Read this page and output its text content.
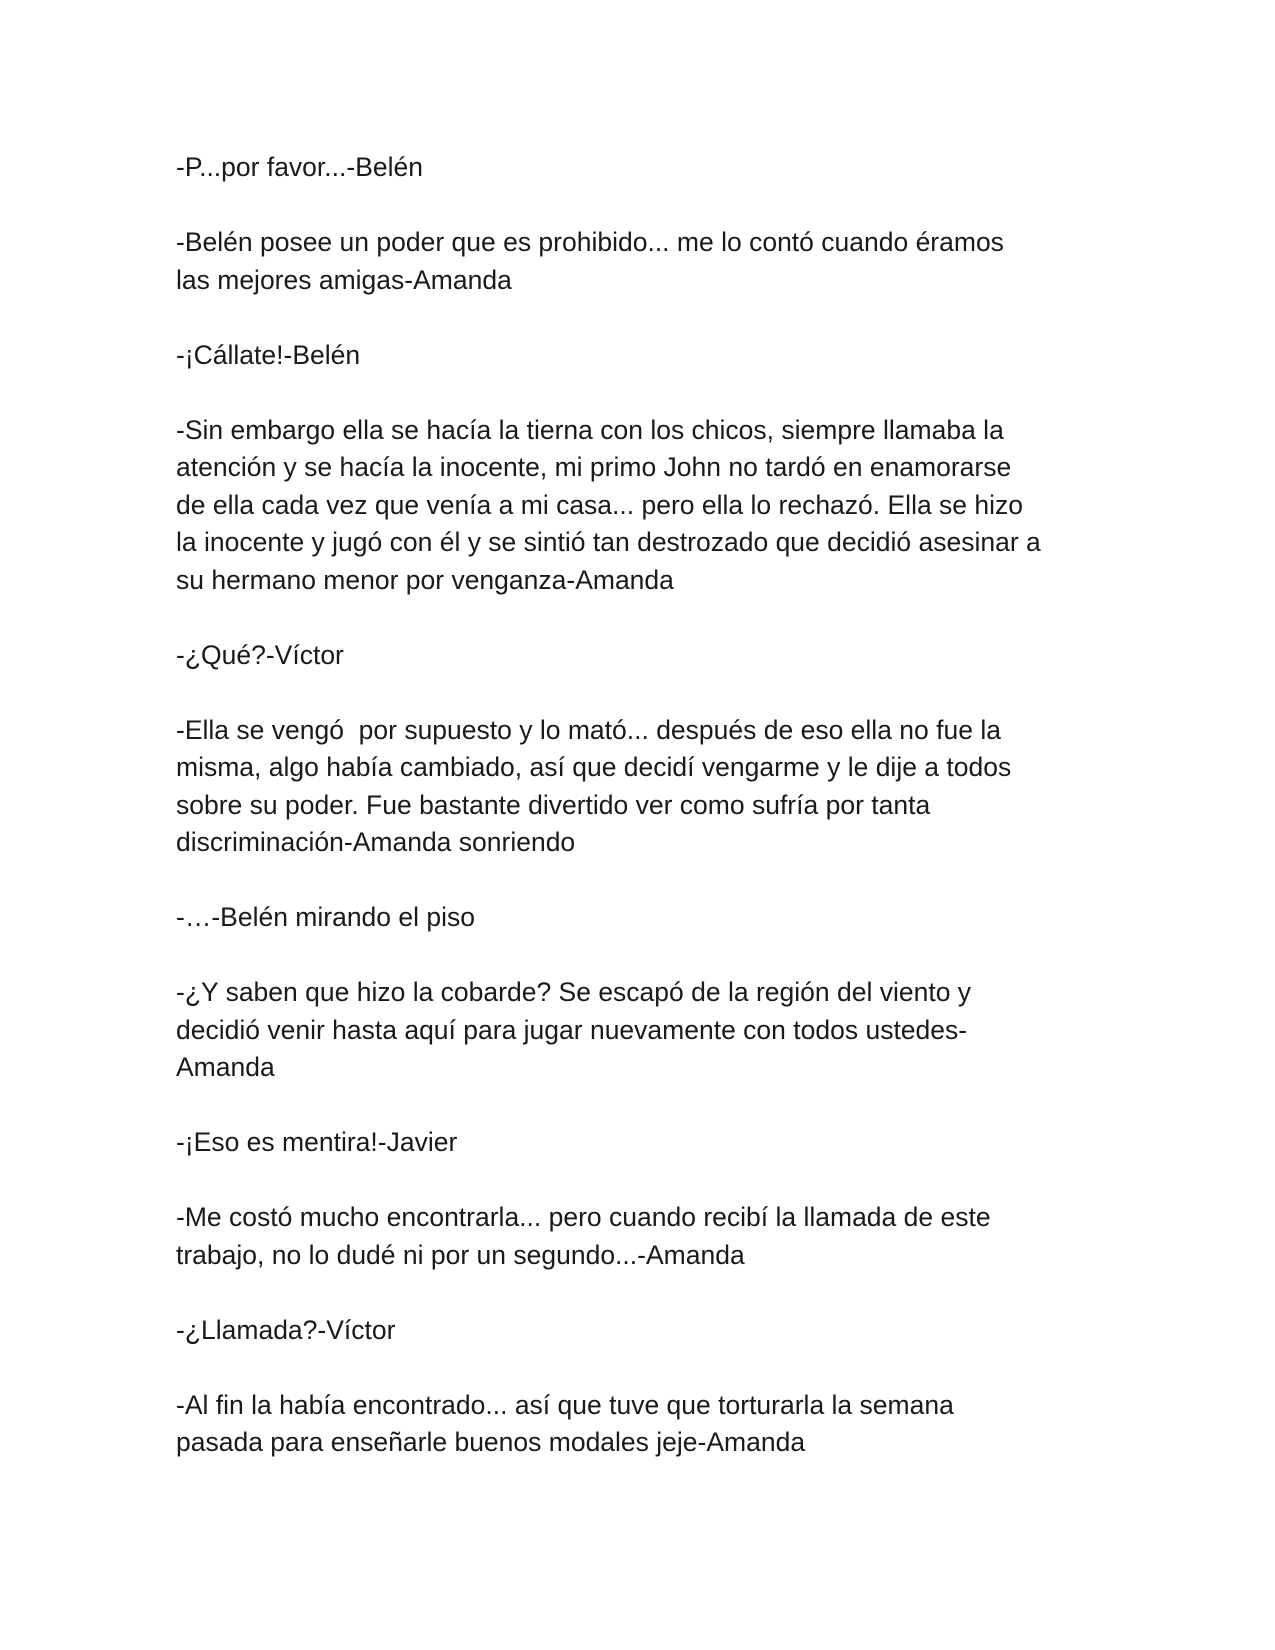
-P...por favor...-Belén

-Belén posee un poder que es prohibido... me lo contó cuando éramos
las mejores amigas-Amanda

-¡Cállate!-Belén

-Sin embargo ella se hacía la tierna con los chicos, siempre llamaba la
atención y se hacía la inocente, mi primo John no tardó en enamorarse
de ella cada vez que venía a mi casa... pero ella lo rechazó. Ella se hizo
la inocente y jugó con él y se sintió tan destrozado que decidió asesinar a
su hermano menor por venganza-Amanda

-¿Qué?-Víctor

-Ella se vengó  por supuesto y lo mató... después de eso ella no fue la
misma, algo había cambiado, así que decidí vengarme y le dije a todos
sobre su poder. Fue bastante divertido ver como sufría por tanta
discriminación-Amanda sonriendo

-…-Belén mirando el piso

-¿Y saben que hizo la cobarde? Se escapó de la región del viento y
decidió venir hasta aquí para jugar nuevamente con todos ustedes-
Amanda

-¡Eso es mentira!-Javier

-Me costó mucho encontrarla... pero cuando recibí la llamada de este
trabajo, no lo dudé ni por un segundo...-Amanda

-¿Llamada?-Víctor

-Al fin la había encontrado... así que tuve que torturarla la semana
pasada para enseñarle buenos modales jeje-Amanda
